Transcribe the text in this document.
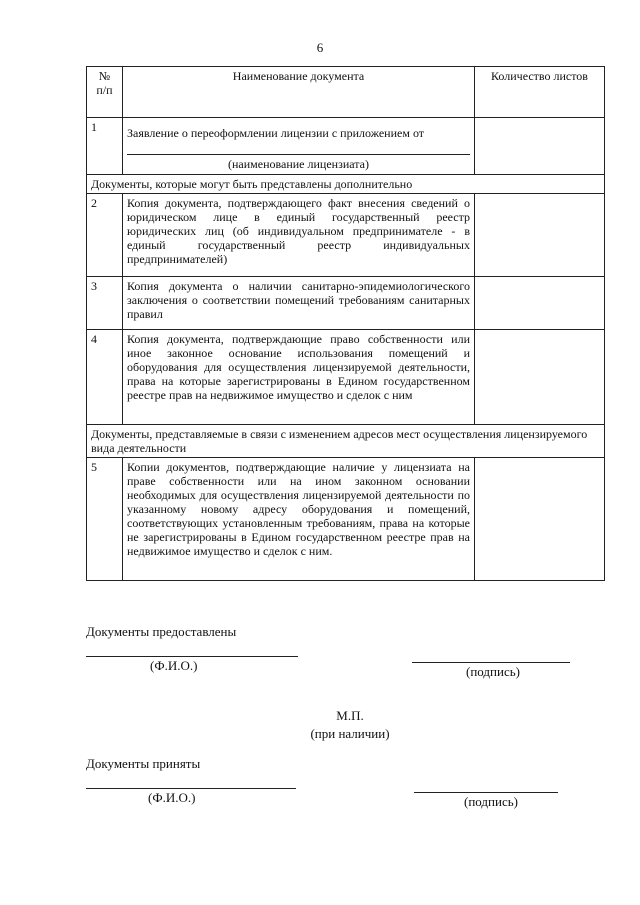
6
№
п/п	Наименование документа	Количество листов
1	Заявление о переоформлении лицензии с приложением от
(наименование лицензиата)	

Документы, которые могут быть представлены дополнительно		
2	Копия документа, подтверждающего факт внесения сведений о юридическом лице в единый государственный реестр юридических лиц (об индивидуальном предпринимателе - в единый государственный реестр индивидуальных предпринимателей)	
3	Копия документа о наличии санитарно-эпидемиологического заключения о соответствии помещений требованиям санитарных правил	
4	Копия документа, подтверждающие право собственности или иное законное основание использования помещений и оборудования для осуществления лицензируемой деятельности, права на которые зарегистрированы в Едином государственном реестре прав на недвижимое имущество и сделок с ним	
Документы, представляемые в связи с изменением адресов мест осуществления лицензируемого вида деятельности		
5	Копии документов, подтверждающие наличие у лицензиата на праве собственности или на ином законном основании необходимых для осуществления лицензируемой деятельности по указанному новому адресу оборудования и помещений, соответствующих установленным требованиям, права на которые не зарегистрированы в Едином государственном реестре прав на недвижимое имущество и сделок с ним.	
Документы предоставлены
(Ф.И.О.)	(подпись)
М.П.
(при наличии)
Документы приняты
(Ф.И.О.)	(подпись)
